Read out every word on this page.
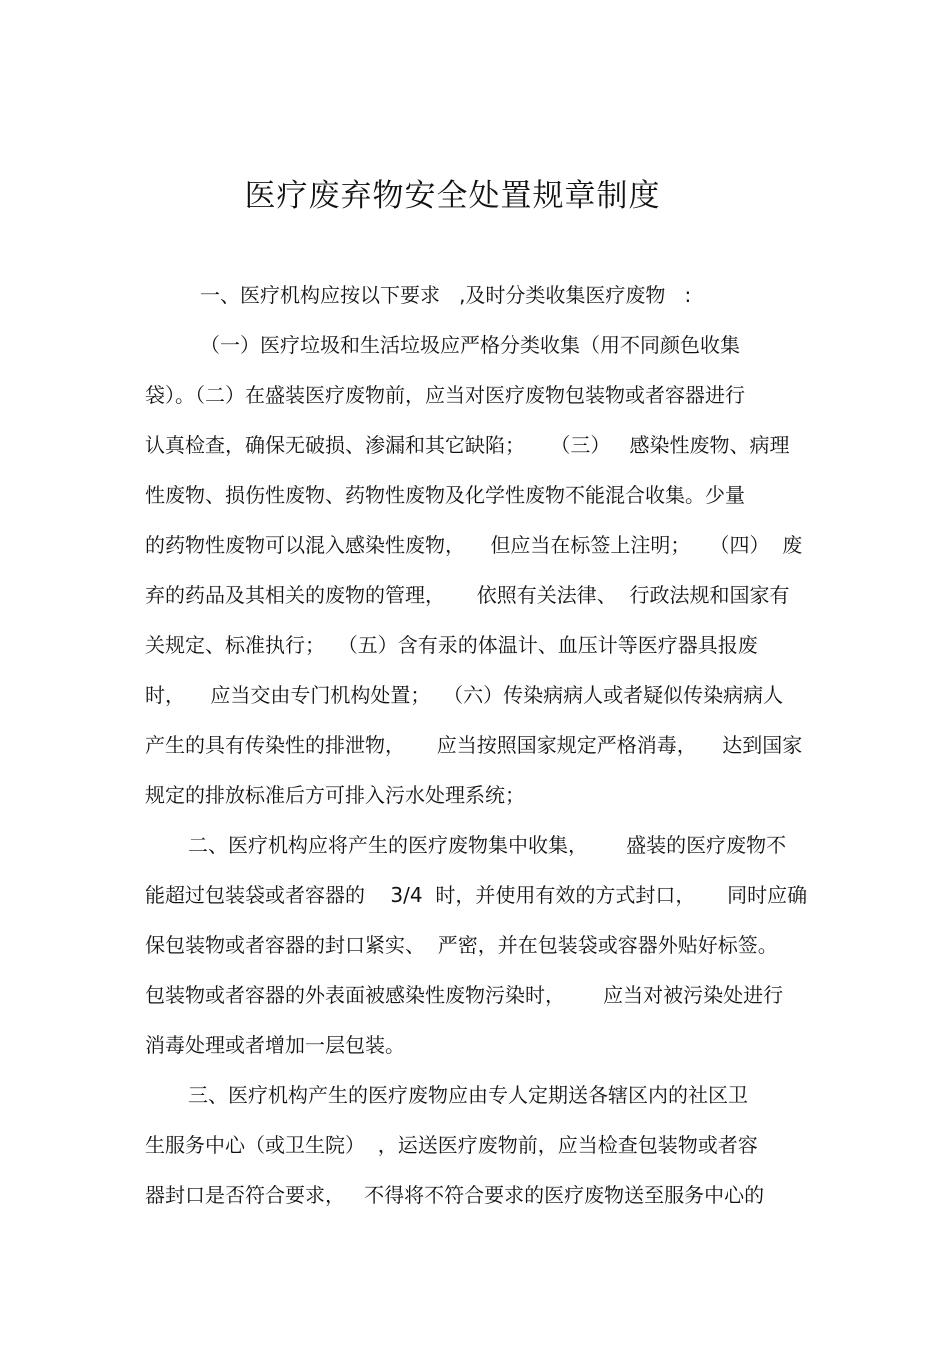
医疗废弃物安全处置规章制度
一、医疗机构应按以下要求   ,及时分类收集医疗废物   :
（一）医疗垃圾和生活垃圾应严格分类收集（用不同颜色收集
袋）。（二）在盛装医疗废物前，应当对医疗废物包装物或者容器进行
认真检查，确保无破损、渗漏和其它缺陷；    （三）   感染性废物、病理
性废物、损伤性废物、药物性废物及化学性废物不能混合收集。少量
的药物性废物可以混入感染性废物，    但应当在标签上注明；   （四）  废
弃的药品及其相关的废物的管理，     依照有关法律、  行政法规和国家有
关规定、标准执行；  （五）含有汞的体温计、血压计等医疗器具报废
时，    应当交由专门机构处置；  （六）传染病病人或者疑似传染病病人
产生的具有传染性的排泄物，     应当按照国家规定严格消毒，    达到国家
规定的排放标准后方可排入污水处理系统；
二、医疗机构应将产生的医疗废物集中收集，      盛装的医疗废物不
能超过包装袋或者容器的    3/4  时，并使用有效的方式封口，     同时应确
保包装物或者容器的封口紧实、  严密，并在包装袋或容器外贴好标签。
包装物或者容器的外表面被感染性废物污染时，      应当对被污染处进行
消毒处理或者增加一层包装。
三、医疗机构产生的医疗废物应由专人定期送各辖区内的社区卫
生服务中心（或卫生院）  ，运送医疗废物前，应当检查包装物或者容
器封口是否符合要求，   不得将不符合要求的医疗废物送至服务中心的
